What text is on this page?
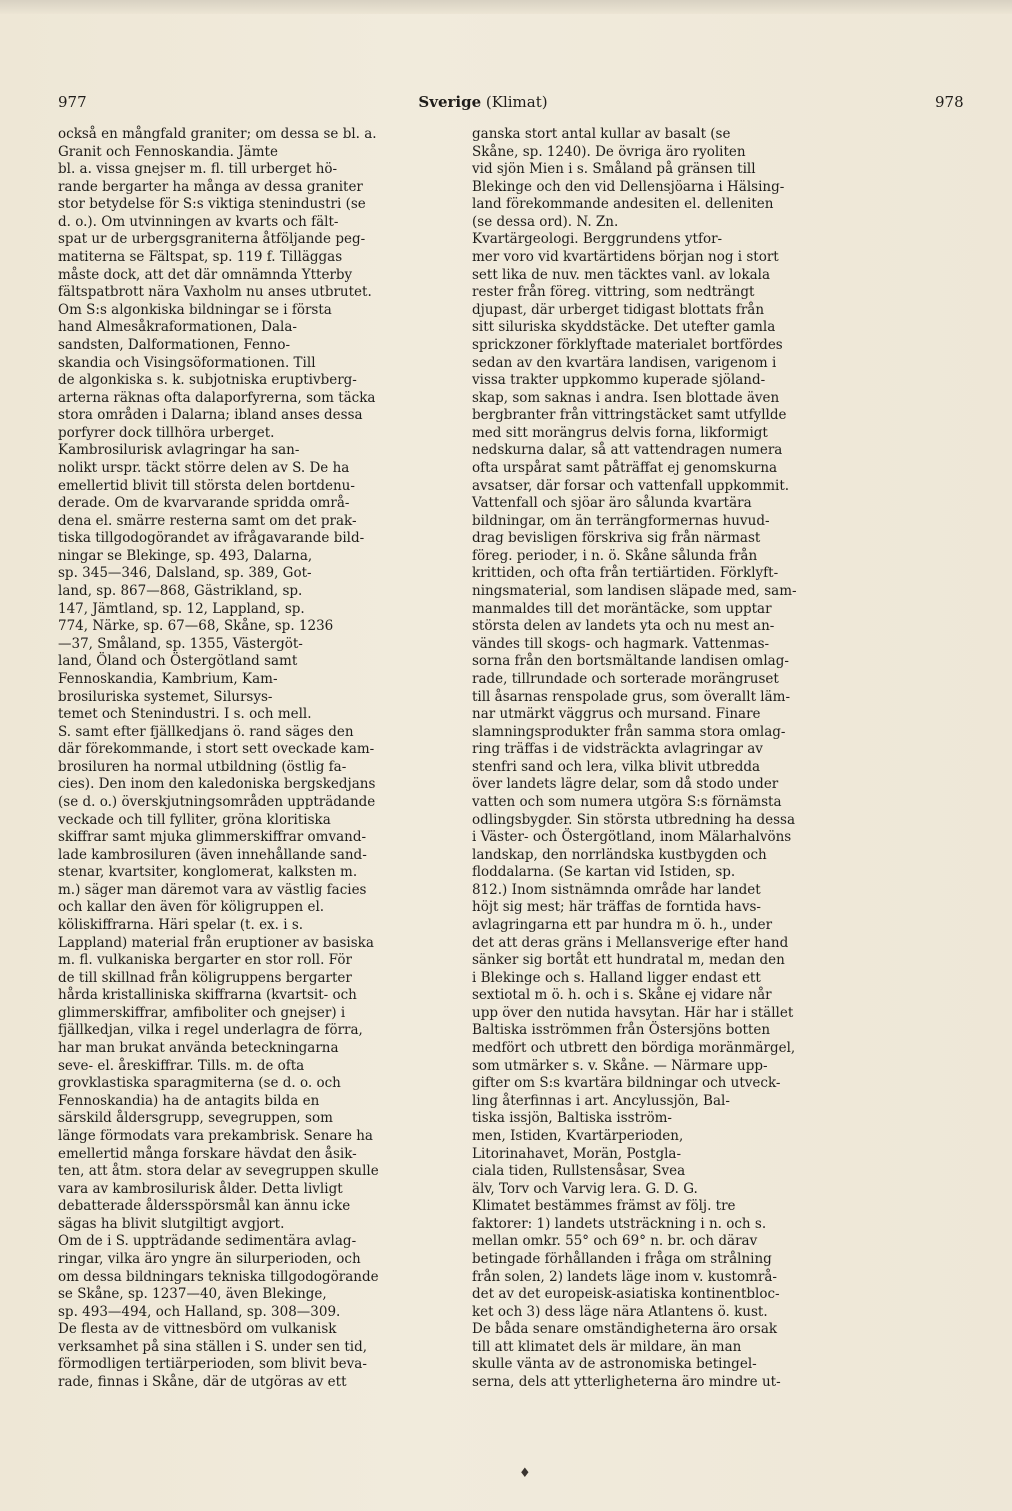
977	Sverige (Klimat)	978
också en mångfald graniter; om dessa se bl. a.
Granit och Fennoskandia. Jämte
bl. a. vissa gnejser m. fl. till urberget hö-
rande bergarter ha många av dessa graniter
stor betydelse för S:s viktiga stenindustri (se
d. o.). Om utvinningen av kvarts och fält-
spat ur de urbergsgraniterna åtföljande peg-
matiterna se Fältspat, sp. 119 f. Tilläggas
måste dock, att det där omnämnda Ytterby
fältspatbrott nära Vaxholm nu anses utbrutet.
Om S:s algonkiska bildningar se i första
hand Almesåkraformationen, Dala-
sandsten, Dalformationen, Fenno-
skandia och Visingsöformationen. Till
de algonkiska s. k. subjotniska eruptivberg-
arterna räknas ofta dalaporfyrerna, som täcka
stora områden i Dalarna; ibland anses dessa
porfyrer dock tillhöra urberget.
Kambrosilurisk avlagringar ha san-
nolikt urspr. täckt större delen av S. De ha
emellertid blivit till största delen bortdenu-
derade. Om de kvarvarande spridda områ-
dena el. smärre resterna samt om det prak-
tiska tillgodogörandet av ifrågavarande bild-
ningar se Blekinge, sp. 493, Dalarna,
sp. 345—346, Dalsland, sp. 389, Got-
land, sp. 867—868, Gästrikland, sp.
147, Jämtland, sp. 12, Lappland, sp.
774, Närke, sp. 67—68, Skåne, sp. 1236
—37, Småland, sp. 1355, Västergöt-
land, Öland och Östergötland samt
Fennoskandia, Kambrium, Kam-
brosiluriska systemet, Silursys-
temet och Stenindustri. I s. och mell.
S. samt efter fjällkedjans ö. rand säges den
där förekommande, i stort sett oveckade kam-
brosiluren ha normal utbildning (östlig fa-
cies). Den inom den kaledoniska bergskedjans
(se d. o.) överskjutningsområden uppträdande
veckade och till fylliter, gröna kloritiska
skiffrar samt mjuka glimmerskiffrar omvand-
lade kambrosiluren (även innehållande sand-
stenar, kvartsiter, konglomerat, kalksten m.
m.) säger man däremot vara av västlig facies
och kallar den även för köligruppen el.
köliskiffrarna. Häri spelar (t. ex. i s.
Lappland) material från eruptioner av basiska
m. fl. vulkaniska bergarter en stor roll. För
de till skillnad från köligruppens bergarter
hårda kristalliniska skiffrarna (kvartsit- och
glimmerskiffrar, amfiboliter och gnejser) i
fjällkedjan, vilka i regel underlagra de förra,
har man brukat använda beteckningarna
seve- el. åreskiffrar. Tills. m. de ofta
grovklastiska sparagmiterna (se d. o. och
Fennoskandia) ha de antagits bilda en
särskild åldersgrupp, sevegruppen, som
länge förmodats vara prekambrisk. Senare ha
emellertid många forskare hävdat den åsik-
ten, att åtm. stora delar av sevegruppen skulle
vara av kambrosilurisk ålder. Detta livligt
debatterade åldersspörsmål kan ännu icke
sägas ha blivit slutgiltigt avgjort.
Om de i S. uppträdande sedimentära avlag-
ringar, vilka äro yngre än silurperioden, och
om dessa bildningars tekniska tillgodogörande
se Skåne, sp. 1237—40, även Blekinge,
sp. 493—494, och Halland, sp. 308—309.
De flesta av de vittnesbörd om vulkanisk
verksamhet på sina ställen i S. under sen tid,
förmodligen tertiärperioden, som blivit beva-
rade, finnas i Skåne, där de utgöras av ett
ganska stort antal kullar av basalt (se
Skåne, sp. 1240). De övriga äro ryoliten
vid sjön Mien i s. Småland på gränsen till
Blekinge och den vid Dellensjöarna i Hälsing-
land förekommande andesiten el. delleniten
(se dessa ord). N. Zn.
Kvartärgeologi. Berggrundens ytfor-
mer voro vid kvartärtidens början nog i stort
sett lika de nuv. men täcktes vanl. av lokala
rester från föreg. vittring, som nedträngt
djupast, där urberget tidigast blottats från
sitt siluriska skyddstäcke. Det utefter gamla
sprickzoner förklyftade materialet bortfördes
sedan av den kvartära landisen, varigenom i
vissa trakter uppkommo kuperade sjöland-
skap, som saknas i andra. Isen blottade även
bergbranter från vittringstäcket samt utfyllde
med sitt morängrus delvis forna, likformigt
nedskurna dalar, så att vattendragen numera
ofta urspårat samt påträffat ej genomskurna
avsatser, där forsar och vattenfall uppkommit.
Vattenfall och sjöar äro sålunda kvartära
bildningar, om än terrängformernas huvud-
drag bevisligen förskriva sig från närmast
föreg. perioder, i n. ö. Skåne sålunda från
krittiden, och ofta från tertiärtiden. Förklyft-
ningsmaterial, som landisen släpade med, sam-
manmaldes till det moräntäcke, som upptar
största delen av landets yta och nu mest an-
vändes till skogs- och hagmark. Vattenmas-
sorna från den bortsmältande landisen omlag-
rade, tillrundade och sorterade morängruset
till åsarnas renspolade grus, som överallt läm-
nar utmärkt väggrus och mursand. Finare
slamningsprodukter från samma stora omlag-
ring träffas i de vidsträckta avlagringar av
stenfri sand och lera, vilka blivit utbredda
över landets lägre delar, som då stodo under
vatten och som numera utgöra S:s förnämsta
odlingsbygder. Sin största utbredning ha dessa
i Väster- och Östergötland, inom Mälarhalvöns
landskap, den norrländska kustbygden och
floddalarna. (Se kartan vid Istiden, sp.
812.) Inom sistnämnda område har landet
höjt sig mest; här träffas de forntida havs-
avlagringarna ett par hundra m ö. h., under
det att deras gräns i Mellansverige efter hand
sänker sig bortåt ett hundratal m, medan den
i Blekinge och s. Halland ligger endast ett
sextiotal m ö. h. och i s. Skåne ej vidare når
upp över den nutida havsytan. Här har i stället
Baltiska isströmmen från Östersjöns botten
medfört och utbrett den bördiga moränmärgel,
som utmärker s. v. Skåne. — Närmare upp-
gifter om S:s kvartära bildningar och utveck-
ling återfinnas i art. Ancylussjön, Bal-
tiska issjön, Baltiska isström-
men, Istiden, Kvartärperioden,
Litorinahavet, Morän, Postgla-
ciala tiden, Rullstensåsar, Svea
älv, Torv och Varvig lera. G. D. G.
Klimatet bestämmes främst av följ. tre
faktorer: 1) landets utsträckning i n. och s.
mellan omkr. 55° och 69° n. br. och därav
betingade förhållanden i fråga om strålning
från solen, 2) landets läge inom v. kustområ-
det av det europeisk-asiatiska kontinentbloc-
ket och 3) dess läge nära Atlantens ö. kust.
De båda senare omständigheterna äro orsak
till att klimatet dels är mildare, än man
skulle vänta av de astronomiska betingel-
serna, dels att ytterligheterna äro mindre ut-
♦
